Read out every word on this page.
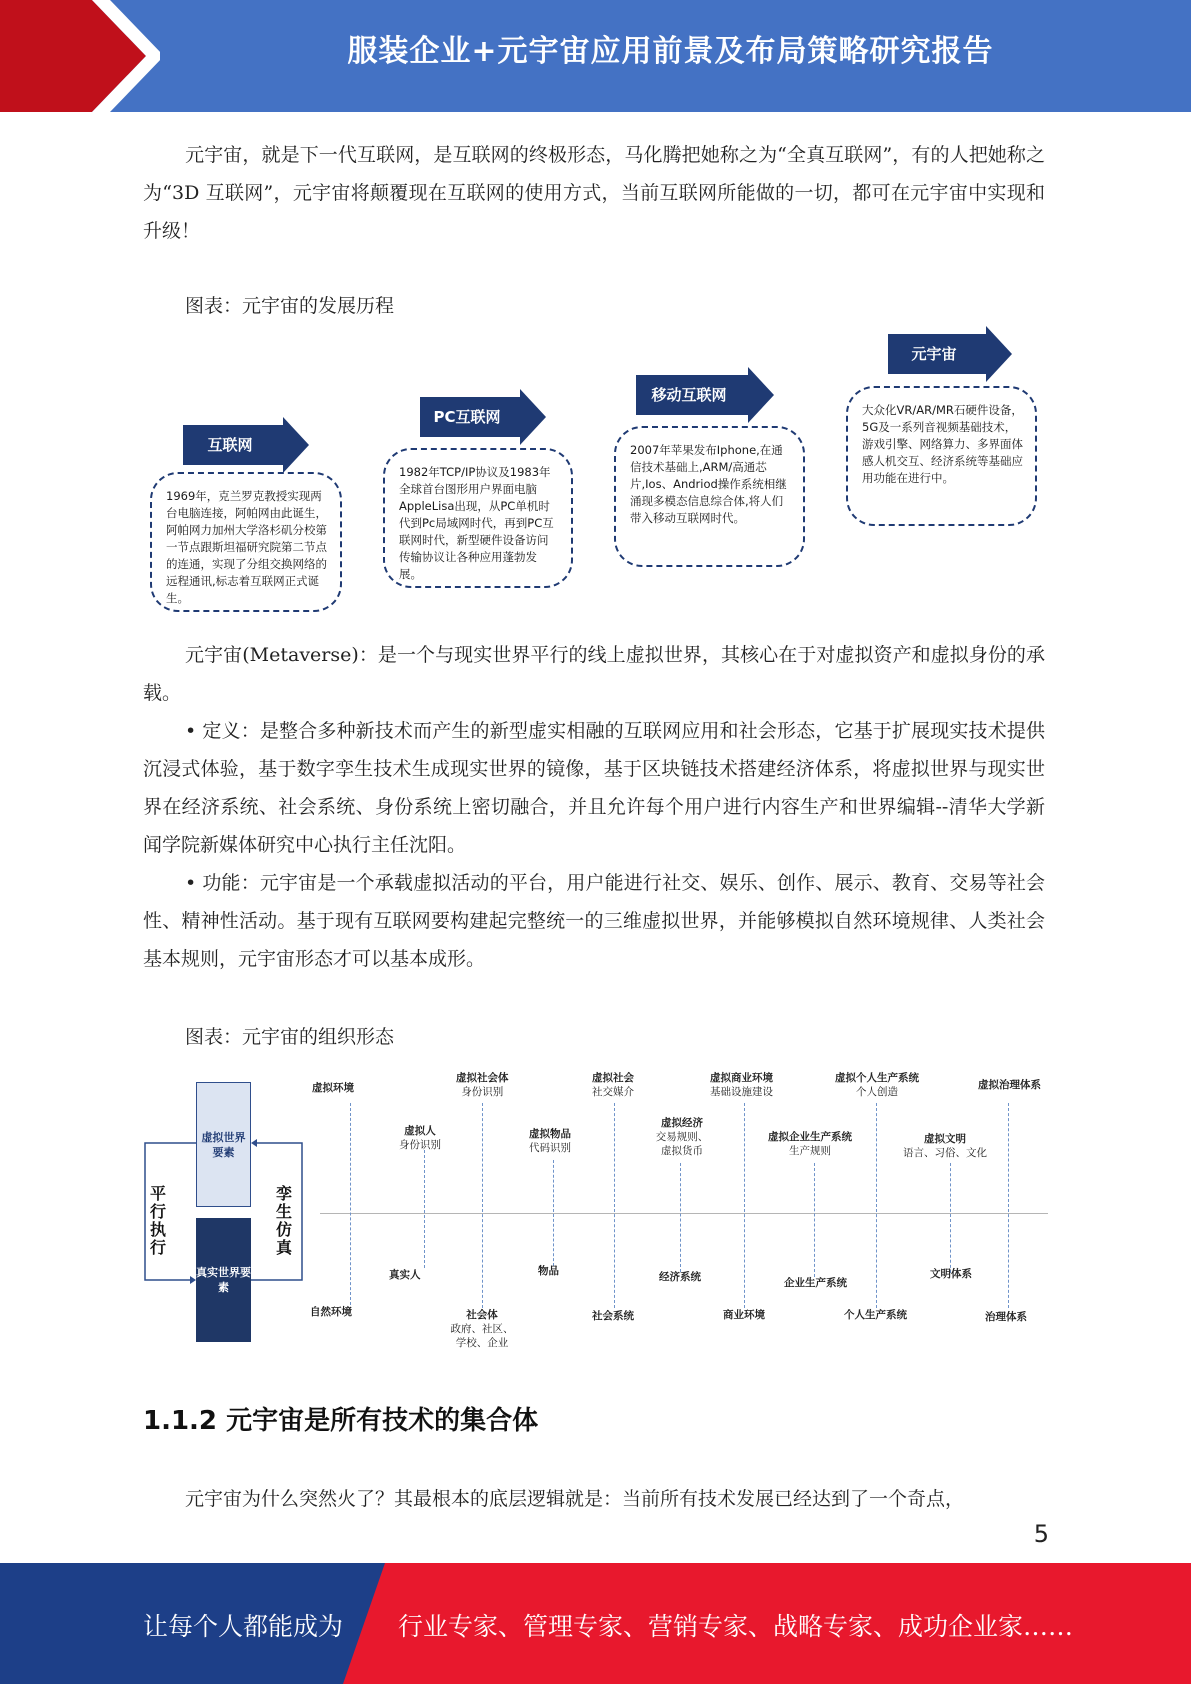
服装企业+元宇宙应用前景及布局策略研究报告
元宇宙，就是下一代互联网，是互联网的终极形态，马化腾把她称之为“全真互联网”，有的人把她称之为“3D 互联网”，元宇宙将颠覆现在互联网的使用方式，当前互联网所能做的一切，都可在元宇宙中实现和升级！
图表：元宇宙的发展历程
互联网
1969年，克兰罗克教授实现两台电脑连接，阿帕网由此诞生，阿帕网力加州大学洛杉矶分校第一节点跟斯坦福研究院第二节点的连通，实现了分组交换网络的远程通讯,标志着互联网正式诞生。
PC互联网
1982年TCP/IP协议及1983年全球首台图形用户界面电脑AppleLisa出现，从PC单机时代到Pc局域网时代，再到PC互联网时代，新型硬件设备访问传输协议让各种应用蓬勃发展。
移动互联网
2007年苹果发布Iphone,在通信技术基础上,ARM/高通芯片,Ios、Andriod操作系统相继涌现多模态信息综合体,将人们带入移动互联网时代。
元宇宙
大众化VR/AR/MR石硬件设备，5G及一系列音视频基础技术，游戏引擎、网络算力、多界面体感人机交互、经济系统等基础应用功能在进行中。
元宇宙(Metaverse)：是一个与现实世界平行的线上虚拟世界，其核心在于对虚拟资产和虚拟身份的承载。
• 定义：是整合多种新技术而产生的新型虚实相融的互联网应用和社会形态，它基于扩展现实技术提供沉浸式体验，基于数字孪生技术生成现实世界的镜像，基于区块链技术搭建经济体系，将虚拟世界与现实世界在经济系统、社会系统、身份系统上密切融合，并且允许每个用户进行内容生产和世界编辑--清华大学新闻学院新媒体研究中心执行主任沈阳。
• 功能：元宇宙是一个承载虚拟活动的平台，用户能进行社交、娱乐、创作、展示、教育、交易等社会性、精神性活动。基于现有互联网要构建起完整统一的三维虚拟世界，并能够模拟自然环境规律、人类社会基本规则，元宇宙形态才可以基本成形。
图表：元宇宙的组织形态
虚拟世界要素
真实世界要素
平行执行
孪生仿真
虚拟环境
虚拟人
身份识别
虚拟社会体
身份识别
虚拟物品
代码识别
虚拟社会
社交媒介
虚拟经济
交易规则、虚拟货币
虚拟商业环境
基础设施建设
虚拟企业生产系统
生产规则
虚拟个人生产系统
个人创造
虚拟文明
语言、习俗、文化
虚拟治理体系
自然环境
真实人
社会体
政府、社区、学校、企业
物品
社会系统
经济系统
商业环境
企业生产系统
个人生产系统
文明体系
治理体系
1.1.2 元宇宙是所有技术的集合体
元宇宙为什么突然火了？其最根本的底层逻辑就是：当前所有技术发展已经达到了一个奇点，
5
让每个人都能成为 行业专家、管理专家、营销专家、战略专家、成功企业家……
